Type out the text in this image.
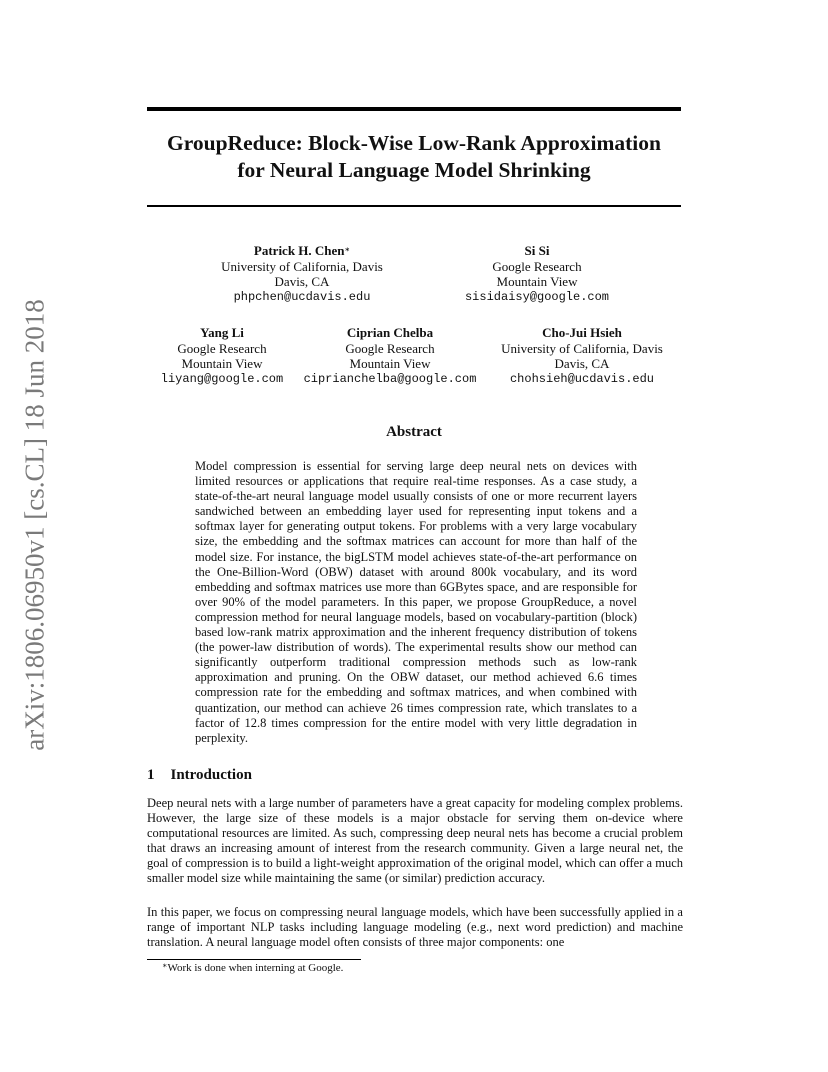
arXiv:1806.06950v1 [cs.CL] 18 Jun 2018
GroupReduce: Block-Wise Low-Rank Approximation
for Neural Language Model Shrinking
Patrick H. Chen∗
University of California, Davis
Davis, CA
phpchen@ucdavis.edu
Si Si
Google Research
Mountain View
sisidaisy@google.com
Yang Li
Google Research
Mountain View
liyang@google.com
Ciprian Chelba
Google Research
Mountain View
ciprianchelba@google.com
Cho-Jui Hsieh
University of California, Davis
Davis, CA
chohsieh@ucdavis.edu
Abstract
Model compression is essential for serving large deep neural nets on devices with limited resources or applications that require real-time responses. As a case study, a state-of-the-art neural language model usually consists of one or more recurrent layers sandwiched between an embedding layer used for representing input tokens and a softmax layer for generating output tokens. For problems with a very large vocabulary size, the embedding and the softmax matrices can account for more than half of the model size. For instance, the bigLSTM model achieves state-of-the-art performance on the One-Billion-Word (OBW) dataset with around 800k vocabulary, and its word embedding and softmax matrices use more than 6GBytes space, and are responsible for over 90% of the model parameters. In this paper, we propose GroupReduce, a novel compression method for neural language models, based on vocabulary-partition (block) based low-rank matrix approximation and the inherent frequency distribution of tokens (the power-law distribution of words). The experimental results show our method can significantly outperform traditional compression methods such as low-rank approximation and pruning. On the OBW dataset, our method achieved 6.6 times compression rate for the embedding and softmax matrices, and when combined with quantization, our method can achieve 26 times compression rate, which translates to a factor of 12.8 times compression for the entire model with very little degradation in perplexity.
1 Introduction
Deep neural nets with a large number of parameters have a great capacity for modeling complex problems. However, the large size of these models is a major obstacle for serving them on-device where computational resources are limited. As such, compressing deep neural nets has become a crucial problem that draws an increasing amount of interest from the research community. Given a large neural net, the goal of compression is to build a light-weight approximation of the original model, which can offer a much smaller model size while maintaining the same (or similar) prediction accuracy.
In this paper, we focus on compressing neural language models, which have been successfully applied in a range of important NLP tasks including language modeling (e.g., next word prediction) and machine translation. A neural language model often consists of three major components: one
∗Work is done when interning at Google.
